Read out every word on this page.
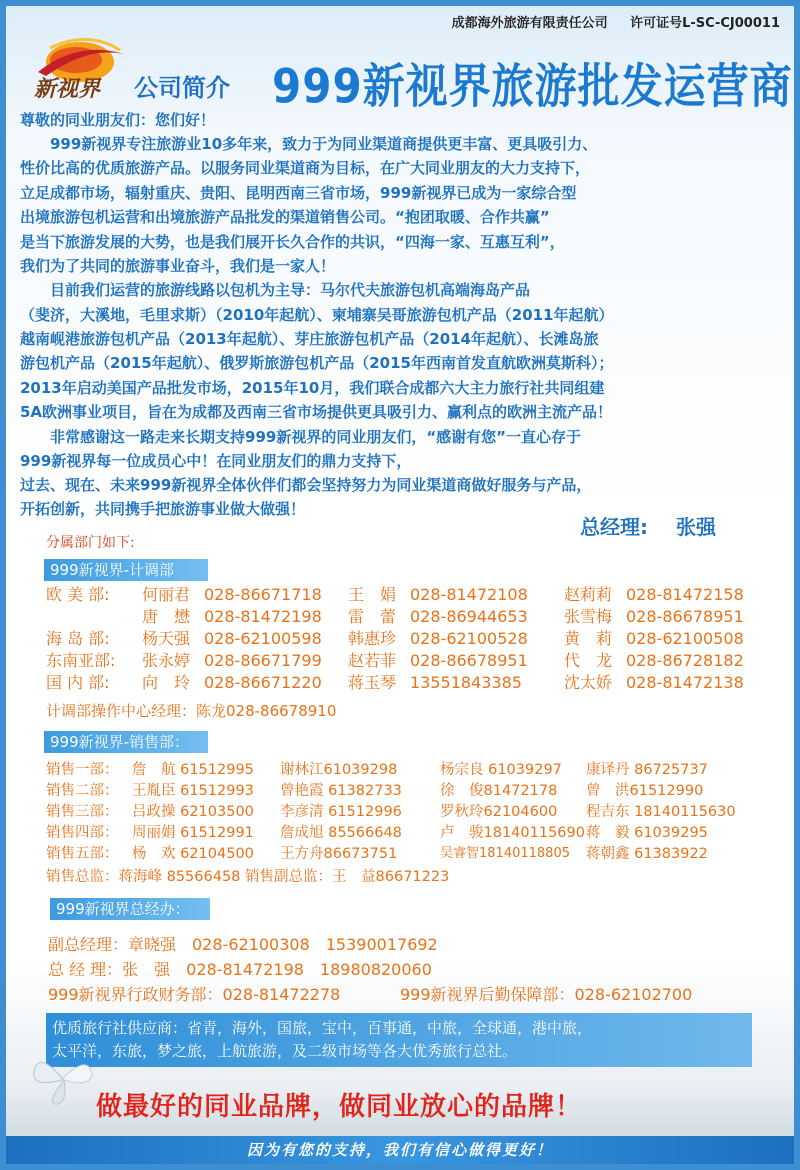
成都海外旅游有限责任公司 许可证号L-SC-CJ00011
新视界 公司简介 999新视界旅游批发运营商
尊敬的同业朋友们：您们好！
　　999新视界专注旅游业10多年来，致力于为同业渠道商提供更丰富、更具吸引力、
性价比高的优质旅游产品。以服务同业渠道商为目标，在广大同业朋友的大力支持下，
立足成都市场，辐射重庆、贵阳、昆明西南三省市场，999新视界已成为一家综合型
出境旅游包机运营和出境旅游产品批发的渠道销售公司。“抱团取暖、合作共赢”
是当下旅游发展的大势，也是我们展开长久合作的共识，“四海一家、互惠互利”，
我们为了共同的旅游事业奋斗，我们是一家人！
　　目前我们运营的旅游线路以包机为主导：马尔代夫旅游包机高端海岛产品
（斐济，大溪地，毛里求斯）（2010年起航）、柬埔寨吴哥旅游包机产品（2011年起航）
越南岘港旅游包机产品（2013年起航）、芽庄旅游包机产品（2014年起航）、长滩岛旅
游包机产品（2015年起航）、俄罗斯旅游包机产品（2015年西南首发直航欧洲莫斯科）；
2013年启动美国产品批发市场，2015年10月，我们联合成都六大主力旅行社共同组建
5A欧洲事业项目，旨在为成都及西南三省市场提供更具吸引力、赢利点的欧洲主流产品！
　　非常感谢这一路走来长期支持999新视界的同业朋友们，“感谢有您”一直心存于
999新视界每一位成员心中！在同业朋友们的鼎力支持下，
过去、现在、未来999新视界全体伙伴们都会坚持努力为同业渠道商做好服务与产品，
开拓创新，共同携手把旅游事业做大做强！
总经理: 张强
分属部门如下:
999新视界-计调部
欧 美 部: 何丽君 028-86671718 王　娟 028-81472108 赵莉莉 028-81472158
唐　懋 028-81472198 雷　蕾 028-86944653 张雪梅 028-86678951
海 岛 部: 杨天强 028-62100598 韩惠珍 028-62100528 黄　莉 028-62100508
东南亚部: 张永婷 028-86671799 赵若菲 028-86678951 代　龙 028-86728182
国 内 部: 向　玲 028-86671220 蒋玉琴 13551843385	沈太娇 028-81472138
计调部操作中心经理：陈龙028-86678910
999新视界-销售部：
销售一部： 詹　航 61512995 谢林江61039298	杨宗良 61039297 康译丹 86725737
销售二部： 王胤臣 61512993 曾艳霞 61382733	徐　俊81472178 曾　洪61512990
销售三部： 吕政操 62103500 李彦清 61512996	罗秋玲62104600 程吉东 18140115630
销售四部： 周丽娟 61512991 詹成旭 85566648	卢　骏18140115690 蒋　毅 61039295
销售五部： 杨　欢 62104500 王方舟86673751	吴睿智18140118805 蒋朝鑫 61383922
销售总监：蒋海峰 85566458 销售副总监：王　益86671223
999新视界总经办：
副总经理：章晓强　028-62100308　15390017692
总 经 理：张　强　028-81472198　18980820060
999新视界行政财务部：028-81472278	999新视界后勤保障部：028-62102700
优质旅行社供应商：省青，海外，国旅，宝中，百事通，中旅，全球通，港中旅，
太平洋，东旅，梦之旅，上航旅游，及二级市场等各大优秀旅行总社。
做最好的同业品牌，做同业放心的品牌！
因为有您的支持，我们有信心做得更好！
